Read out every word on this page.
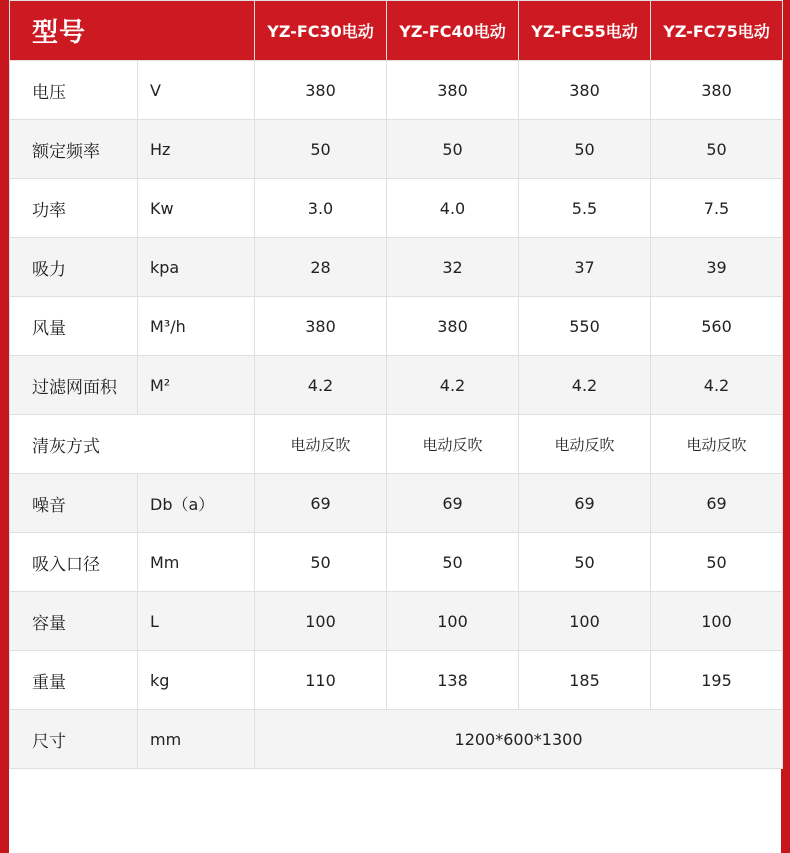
型号		YZ-FC30电动	YZ-FC40电动	YZ-FC55电动	YZ-FC75电动
电压	V	380	380	380	380
额定频率	Hz	50	50	50	50
功率	Kw	3.0	4.0	5.5	7.5
吸力	kpa	28	32	37	39
风量	M³/h	380	380	550	560
过滤网面积	M²	4.2	4.2	4.2	4.2
清灰方式		电动反吹	电动反吹	电动反吹	电动反吹
噪音	Db（a）	69	69	69	69
吸入口径	Mm	50	50	50	50
容量	L	100	100	100	100
重量	kg	110	138	185	195
尺寸	mm	1200*600*1300			
